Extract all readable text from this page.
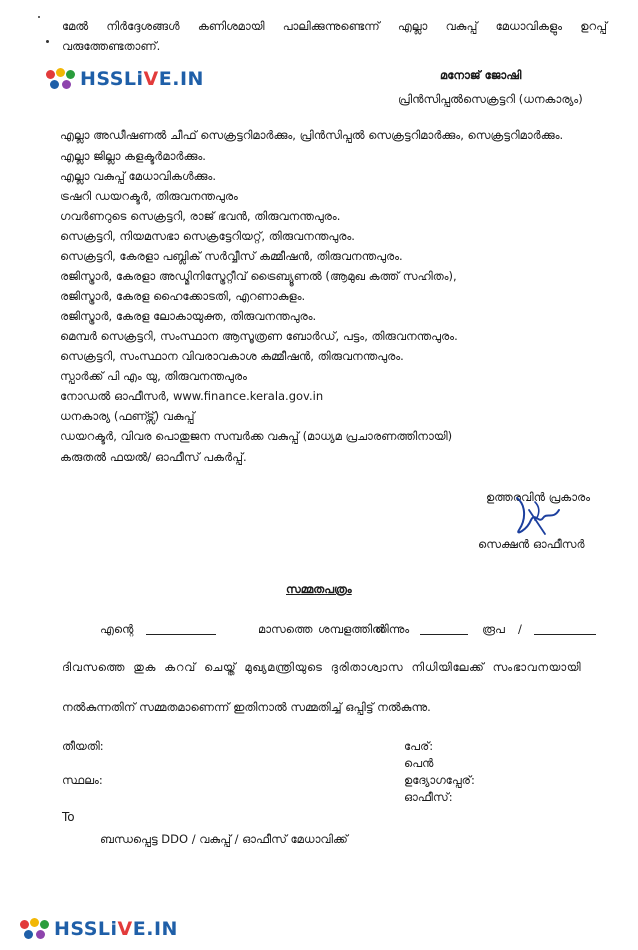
മേൽ നിർദ്ദേശങ്ങൾ കണിശമായി പാലിക്കുന്നുണ്ടെന്ന് എല്ലാ വകുപ്പ് മേധാവികളും ഉറപ്പ് വരുത്തേണ്ടതാണ്.
HSSLiVE.IN	മനോജ് ജോഷി
പ്രിൻസിപ്പൽസെക്രട്ടറി (ധനകാര്യം)
എല്ലാ അഡീഷണൽ ചീഫ് സെക്രട്ടറിമാർക്കും, പ്രിൻസിപ്പൽ സെക്രട്ടറിമാർക്കും, സെക്രട്ടറിമാർക്കും.
എല്ലാ ജില്ലാ കളക്ടർമാർക്കും.
എല്ലാ വകുപ്പ് മേധാവികൾക്കും.
ട്രഷറി ഡയറക്ടർ, തിരുവനന്തപുരം
ഗവർണറുടെ സെക്രട്ടറി, രാജ് ഭവൻ, തിരുവനന്തപുരം.
സെക്രട്ടറി, നിയമസഭാ സെക്രട്ടേറിയറ്റ്, തിരുവനന്തപുരം.
സെക്രട്ടറി, കേരളാ പബ്ലിക് സർവ്വീസ് കമ്മീഷൻ, തിരുവനന്തപുരം.
രജിസ്ട്രാർ, കേരളാ അഡ്മിനിസ്ട്രേറ്റീവ് ട്രൈബ്യൂണൽ (ആമുഖ കത്ത് സഹിതം),
രജിസ്ട്രാർ, കേരള ഹൈക്കോടതി, എറണാകുളം.
രജിസ്ട്രാർ, കേരള ലോകായുക്ത, തിരുവനന്തപുരം.
മെമ്പർ സെക്രട്ടറി, സംസ്ഥാന ആസൂത്രണ ബോർഡ്, പട്ടം, തിരുവനന്തപുരം.
സെക്രട്ടറി, സംസ്ഥാന വിവരാവകാശ കമ്മീഷൻ, തിരുവനന്തപുരം.
സ്പാർക്ക് പി എം യു, തിരുവനന്തപുരം
നോഡൽ ഓഫീസർ, www.finance.kerala.gov.in
ധനകാര്യ (ഫണ്ട്സ്) വകുപ്പ്
ഡയറക്ടർ, വിവര പൊതുജന സമ്പർക്ക വകുപ്പ് (മാധ്യമ പ്രചാരണത്തിനായി)
കരുതൽ ഫയൽ/ ഓഫീസ് പകർപ്പ്.
ഉത്തരവിൻ പ്രകാരം
സെക്ഷൻ ഓഫീസർ
സമ്മതപത്രം
എന്റെ	മാസത്തെ ശമ്പളത്തിൽ
നിന്നും	രൂപ /
ദിവസത്തെ തുക കറവ് ചെയ്ത് മുഖ്യമന്ത്രിയുടെ ദുരിതാശ്വാസ നിധിയിലേക്ക് സംഭാവനയായി
നൽകുന്നതിന് സമ്മതമാണെന്ന് ഇതിനാൽ സമ്മതിച്ച് ഒപ്പിട്ട് നൽകുന്നു.
തീയതി:
സ്ഥലം:
പേര്:
പെൻ
ഉദ്യോഗപ്പേര്:
ഓഫീസ്:
To
ബന്ധപ്പെട്ട DDO / വകുപ്പ് / ഓഫീസ് മേധാവിക്ക്
HSSLiVE.IN
